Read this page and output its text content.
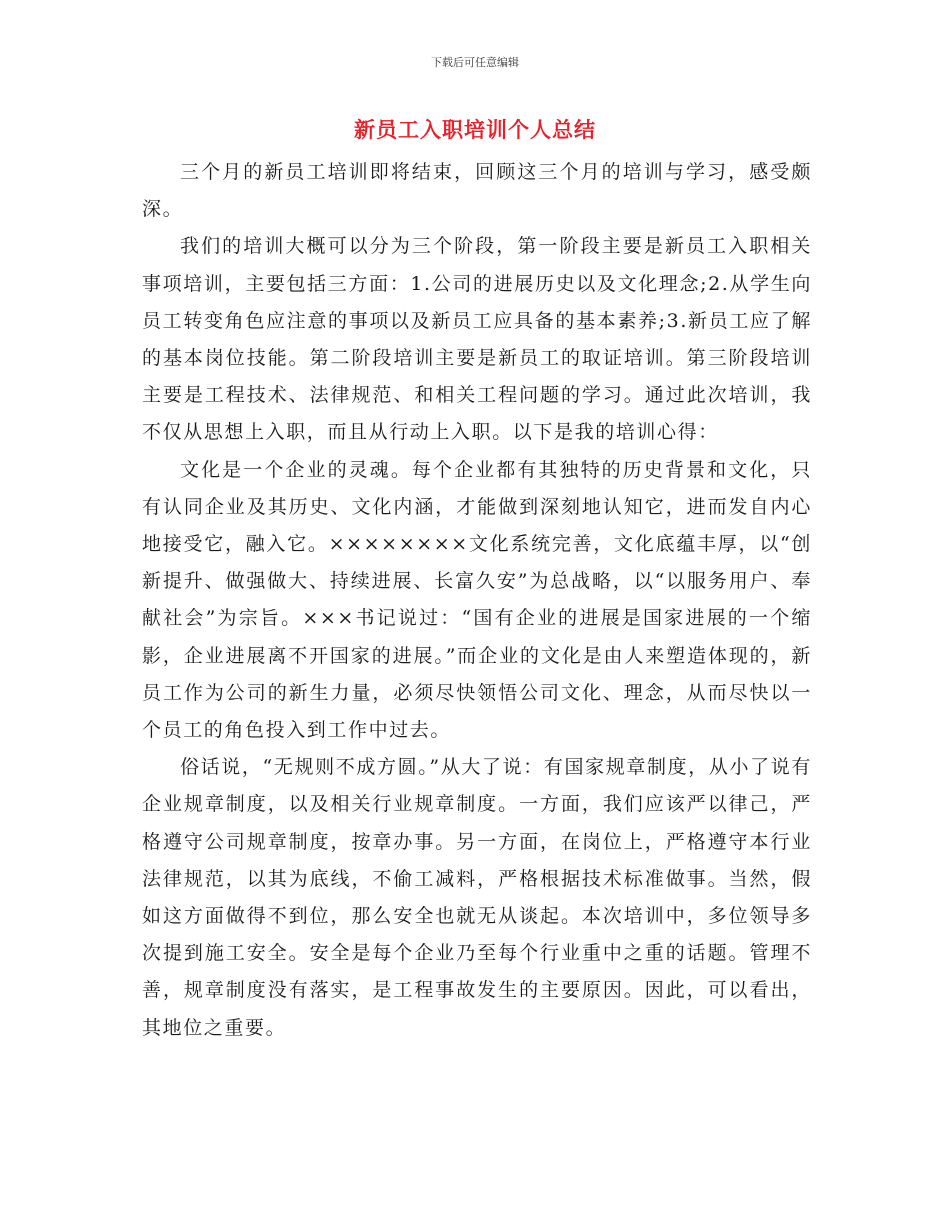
下载后可任意编辑
新员工入职培训个人总结

三个月的新员工培训即将结束，回顾这三个月的培训与学习，感受颇深。

我们的培训大概可以分为三个阶段，第一阶段主要是新员工入职相关事项培训，主要包括三方面：1.公司的进展历史以及文化理念;2.从学生向员工转变角色应注意的事项以及新员工应具备的基本素养;3.新员工应了解的基本岗位技能。第二阶段培训主要是新员工的取证培训。第三阶段培训主要是工程技术、法律规范、和相关工程问题的学习。通过此次培训，我不仅从思想上入职，而且从行动上入职。以下是我的培训心得：

文化是一个企业的灵魂。每个企业都有其独特的历史背景和文化，只有认同企业及其历史、文化内涵，才能做到深刻地认知它，进而发自内心地接受它，融入它。××××××××文化系统完善，文化底蕴丰厚，以“创新提升、做强做大、持续进展、长富久安”为总战略，以“以服务用户、奉献社会”为宗旨。×××书记说过：“国有企业的进展是国家进展的一个缩影，企业进展离不开国家的进展。”而企业的文化是由人来塑造体现的，新员工作为公司的新生力量，必须尽快领悟公司文化、理念，从而尽快以一个员工的角色投入到工作中过去。

俗话说，“无规则不成方圆。”从大了说：有国家规章制度，从小了说有企业规章制度，以及相关行业规章制度。一方面，我们应该严以律己，严格遵守公司规章制度，按章办事。另一方面，在岗位上，严格遵守本行业法律规范，以其为底线，不偷工减料，严格根据技术标准做事。当然，假如这方面做得不到位，那么安全也就无从谈起。本次培训中，多位领导多次提到施工安全。安全是每个企业乃至每个行业重中之重的话题。管理不善，规章制度没有落实，是工程事故发生的主要原因。因此，可以看出，其地位之重要。
